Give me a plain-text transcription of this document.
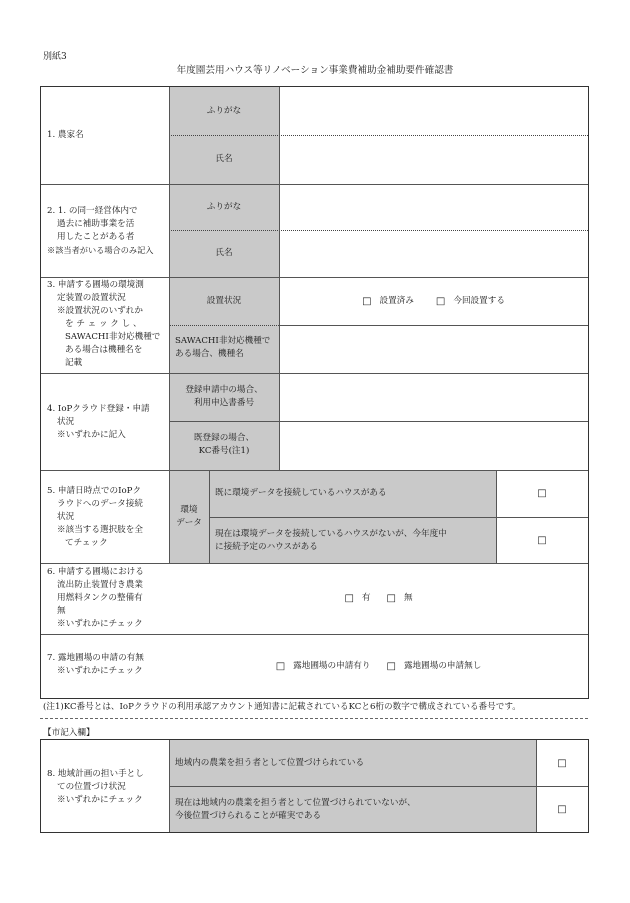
別紙3
年度園芸用ハウス等リノベーション事業費補助金補助要件確認書
1. 農家名
ふりがな
氏名
2. 1. の同一経営体内で
過去に補助事業を活
用したことがある者
※該当者がいる場合のみ記入
ふりがな
氏名
3. 申請する圃場の環境測
定装置の設置状況
※設置状況のいずれか
を チ ェ ッ ク し 、
SAWACHI非対応機種で
ある場合は機種名を
記載
設置状況
SAWACHI非対応機種で
ある場合、機種名
□ 設置済み □ 今回設置する
4. IoPクラウド登録・申請
状況
※いずれかに記入
登録申請中の場合、
利用申込書番号
既登録の場合、
KC番号(注1)
5. 申請日時点でのIoPク
ラウドへのデータ接続
状況
※該当する選択肢を全
てチェック
環境
データ
既に環境データを接続しているハウスがある
現在は環境データを接続しているハウスがないが、今年度中
に接続予定のハウスがある
□
□
6. 申請する圃場における
流出防止装置付き農業
用燃料タンクの整備有
無
※いずれかにチェック
□ 有 □ 無
7. 露地圃場の申請の有無
※いずれかにチェック	□ 露地圃場の申請有り □ 露地圃場の申請無し
(注1)KC番号とは、IoPクラウドの利用承認アカウント通知書に記載されているKCと6桁の数字で構成されている番号です。
【市記入欄】
8. 地域計画の担い手とし
ての位置づけ状況
※いずれかにチェック
地域内の農業を担う者として位置づけられている
現在は地域内の農業を担う者として位置づけられていないが、
今後位置づけられることが確実である
□
□
